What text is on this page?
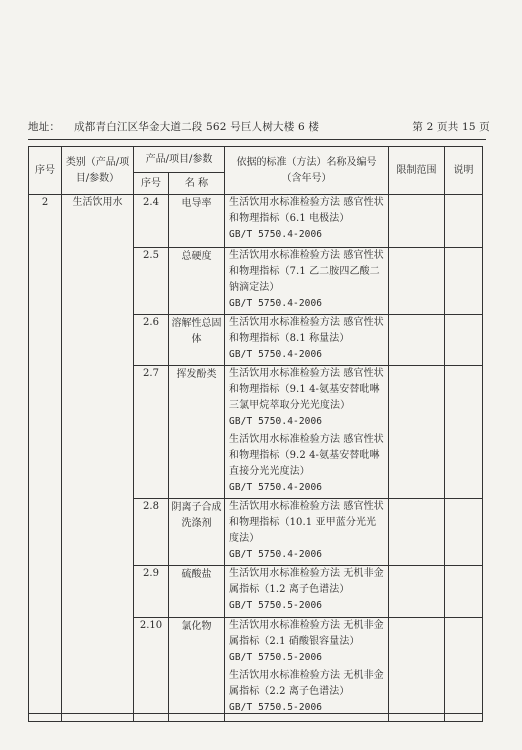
地址： 成都青白江区华金大道二段 562 号巨人树大楼 6 楼	第 2 页共 15 页
序号	类别（产品/项目/参数）	产品/项目/参数		依据的标准（方法）名称及编号（含年号）	限制范围	说明
		序号	名 称			
2	生活饮用水	2.4	电导率	生活饮用水标准检验方法 感官性状和物理指标（6.1 电极法）
GB/T 5750.4-2006		

		2.5	总硬度	生活饮用水标准检验方法 感官性状和物理指标（7.1 乙二胺四乙酸二钠滴定法）
GB/T 5750.4-2006		

		2.6	溶解性总固体	生活饮用水标准检验方法 感官性状和物理指标（8.1 称量法）
GB/T 5750.4-2006		

		2.7	挥发酚类	生活饮用水标准检验方法 感官性状和物理指标（9.1 4-氨基安替吡啉三氯甲烷萃取分光光度法）
GB/T 5750.4-2006
生活饮用水标准检验方法 感官性状和物理指标（9.2 4-氨基安替吡啉直接分光光度法）
GB/T 5750.4-2006		

		2.8	阴离子合成洗涤剂	生活饮用水标准检验方法 感官性状和物理指标（10.1 亚甲蓝分光光度法）
GB/T 5750.4-2006		

		2.9	硫酸盐	生活饮用水标准检验方法 无机非金属指标（1.2 离子色谱法）
GB/T 5750.5-2006		

		2.10	氯化物	生活饮用水标准检验方法 无机非金属指标（2.1 硝酸银容量法）
GB/T 5750.5-2006
生活饮用水标准检验方法 无机非金属指标（2.2 离子色谱法）
GB/T 5750.5-2006		
